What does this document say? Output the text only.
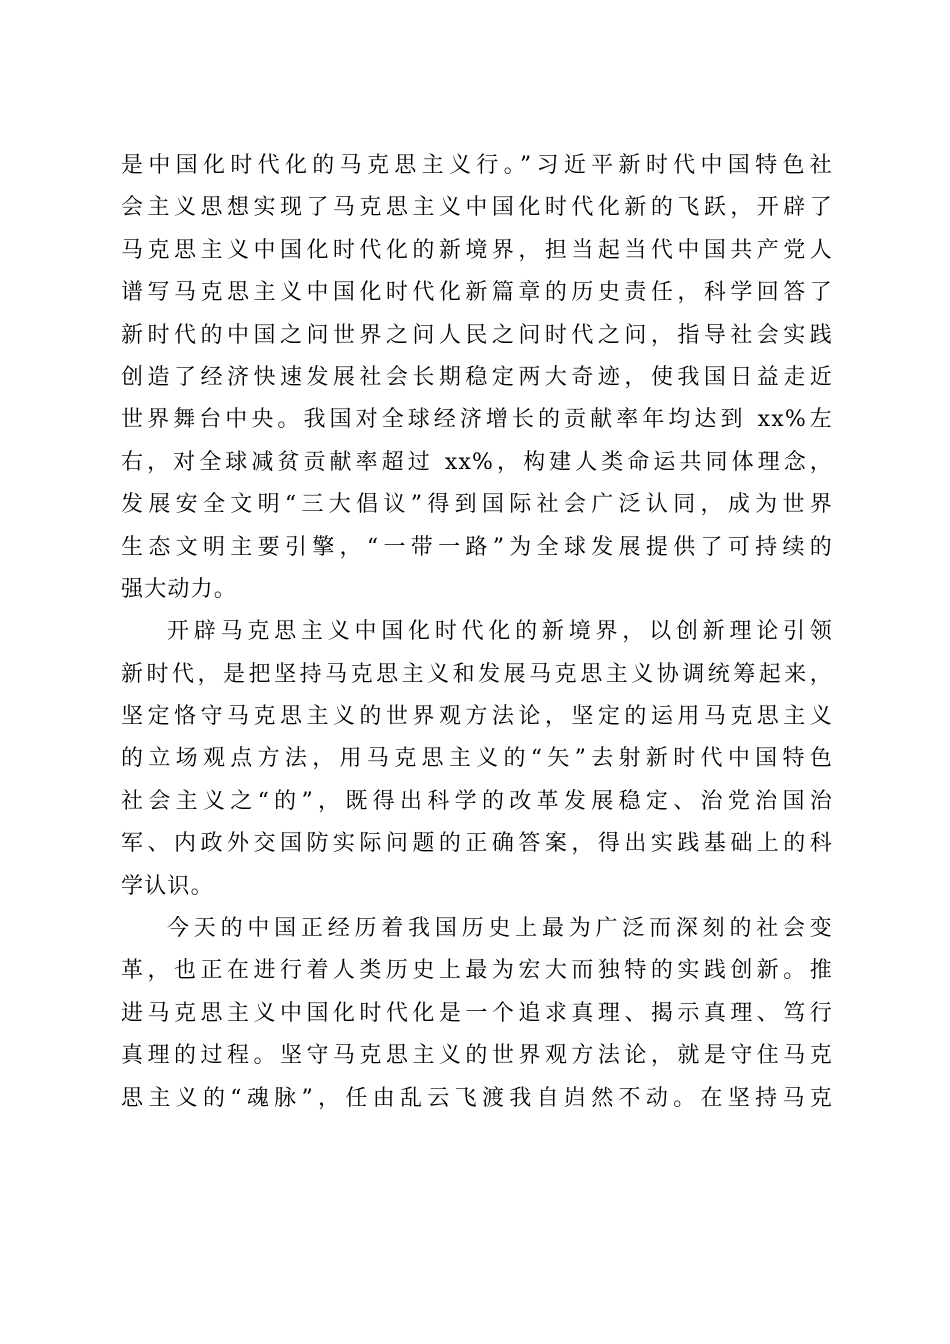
是中国化时代化的马克思主义行。”习近平新时代中国特色社
会主义思想实现了马克思主义中国化时代化新的飞跃，开辟了
马克思主义中国化时代化的新境界，担当起当代中国共产党人
谱写马克思主义中国化时代化新篇章的历史责任，科学回答了
新时代的中国之问世界之问人民之问时代之问，指导社会实践
创造了经济快速发展社会长期稳定两大奇迹，使我国日益走近
世界舞台中央。我国对全球经济增长的贡献率年均达到 xx%左
右，对全球减贫贡献率超过 xx%，构建人类命运共同体理念，
发展安全文明“三大倡议”得到国际社会广泛认同，成为世界
生态文明主要引擎，“一带一路”为全球发展提供了可持续的
强大动力。
开辟马克思主义中国化时代化的新境界，以创新理论引领
新时代，是把坚持马克思主义和发展马克思主义协调统筹起来，
坚定恪守马克思主义的世界观方法论，坚定的运用马克思主义
的立场观点方法，用马克思主义的“矢”去射新时代中国特色
社会主义之“的”，既得出科学的改革发展稳定、治党治国治
军、内政外交国防实际问题的正确答案，得出实践基础上的科
学认识。
今天的中国正经历着我国历史上最为广泛而深刻的社会变
革，也正在进行着人类历史上最为宏大而独特的实践创新。推
进马克思主义中国化时代化是一个追求真理、揭示真理、笃行
真理的过程。坚守马克思主义的世界观方法论，就是守住马克
思主义的“魂脉”，任由乱云飞渡我自岿然不动。在坚持马克
